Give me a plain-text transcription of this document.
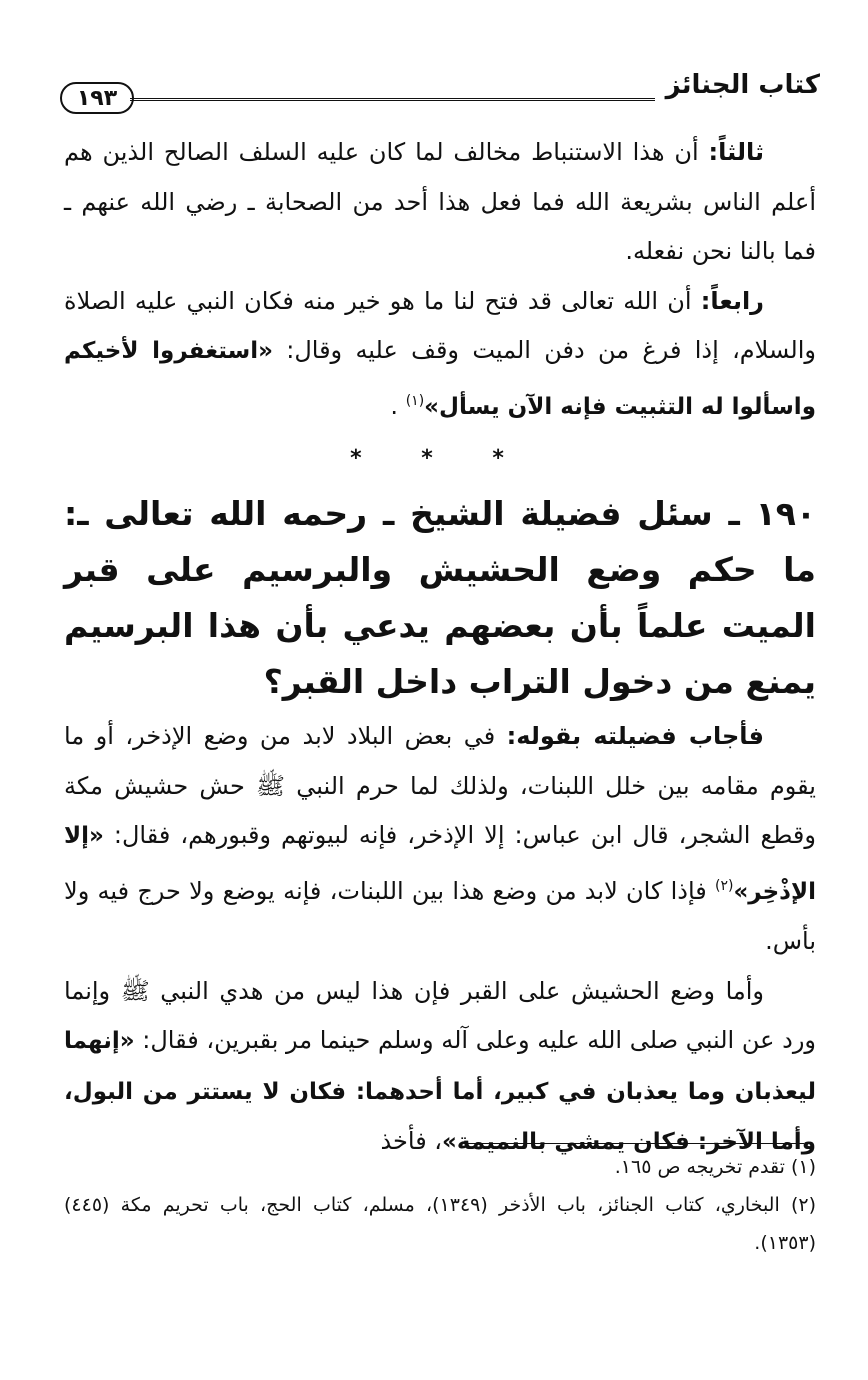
كتاب الجنائز
١٩٣

ثالثاً: أن هذا الاستنباط مخالف لما كان عليه السلف الصالح الذين هم أعلم الناس بشريعة الله فما فعل هذا أحد من الصحابة ـ رضي الله عنهم ـ فما بالنا نحن نفعله.

رابعاً: أن الله تعالى قد فتح لنا ما هو خير منه فكان النبي عليه الصلاة والسلام، إذا فرغ من دفن الميت وقف عليه وقال: «استغفروا لأخيكم واسألوا له التثبيت فإنه الآن يسأل»$^{(١)}$ .

* * *

١٩٠ ـ سئل فضيلة الشيخ ـ رحمه الله تعالى ـ: ما حكم وضع الحشيش والبرسيم على قبر الميت علماً بأن بعضهم يدعي بأن هذا البرسيم يمنع من دخول التراب داخل القبر؟

فأجاب فضيلته بقوله: في بعض البلاد لابد من وضع الإذخر، أو ما يقوم مقامه بين خلل اللبنات، ولذلك لما حرم النبي ﷺ حش حشيش مكة وقطع الشجر، قال ابن عباس: إلا الإذخر، فإنه لبيوتهم وقبورهم، فقال: «إلا الإذْخِر»$^{(٢)}$ فإذا كان لابد من وضع هذا بين اللبنات، فإنه يوضع ولا حرج فيه ولا بأس.

وأما وضع الحشيش على القبر فإن هذا ليس من هدي النبي ﷺ وإنما ورد عن النبي صلى الله عليه وعلى آله وسلم حينما مر بقبرين، فقال: «إنهما ليعذبان وما يعذبان في كبير، أما أحدهما: فكان لا يستتر من البول، وأما الآخر: فكان يمشي بالنميمة»، فأخذ

(١) تقدم تخريجه ص ١٦٥.

(٢) البخاري، كتاب الجنائز، باب الأذخر (١٣٤٩)، مسلم، كتاب الحج، باب تحريم مكة (٤٤٥) (١٣٥٣).
